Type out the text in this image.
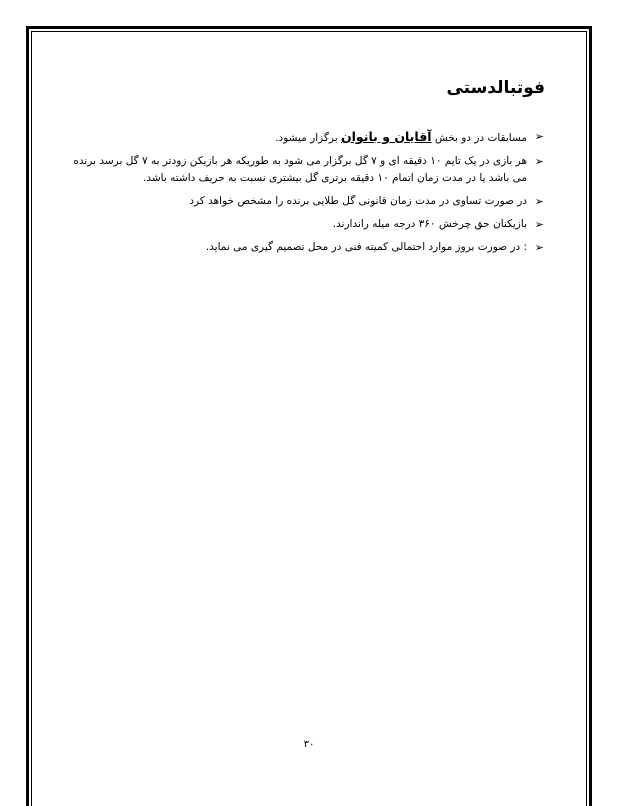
فوتبالدستی
➢
مسابقات در دو بخش آقایان و بانوان برگزار میشود.
➢
هر بازی در یک تایم ۱۰ دقیقه ای و ۷ گل برگزار می شود به طوریکه هر بازیکن زودتر به ۷ گل برسد برنده
می باشد یا در مدت زمان اتمام ۱۰ دقیقه برتری گل بیشتری نسبت به حریف داشته باشد.
➢
در صورت تساوی در مدت زمان قانونی گل طلایی برنده را مشخص خواهد کرد
➢
بازیکنان حق چرخش ۳۶۰ درجه میله راندارند.
➢
: در صورت بروز موارد احتمالی کمیته فنی در محل تصمیم گیری می نماید.
۳۰
